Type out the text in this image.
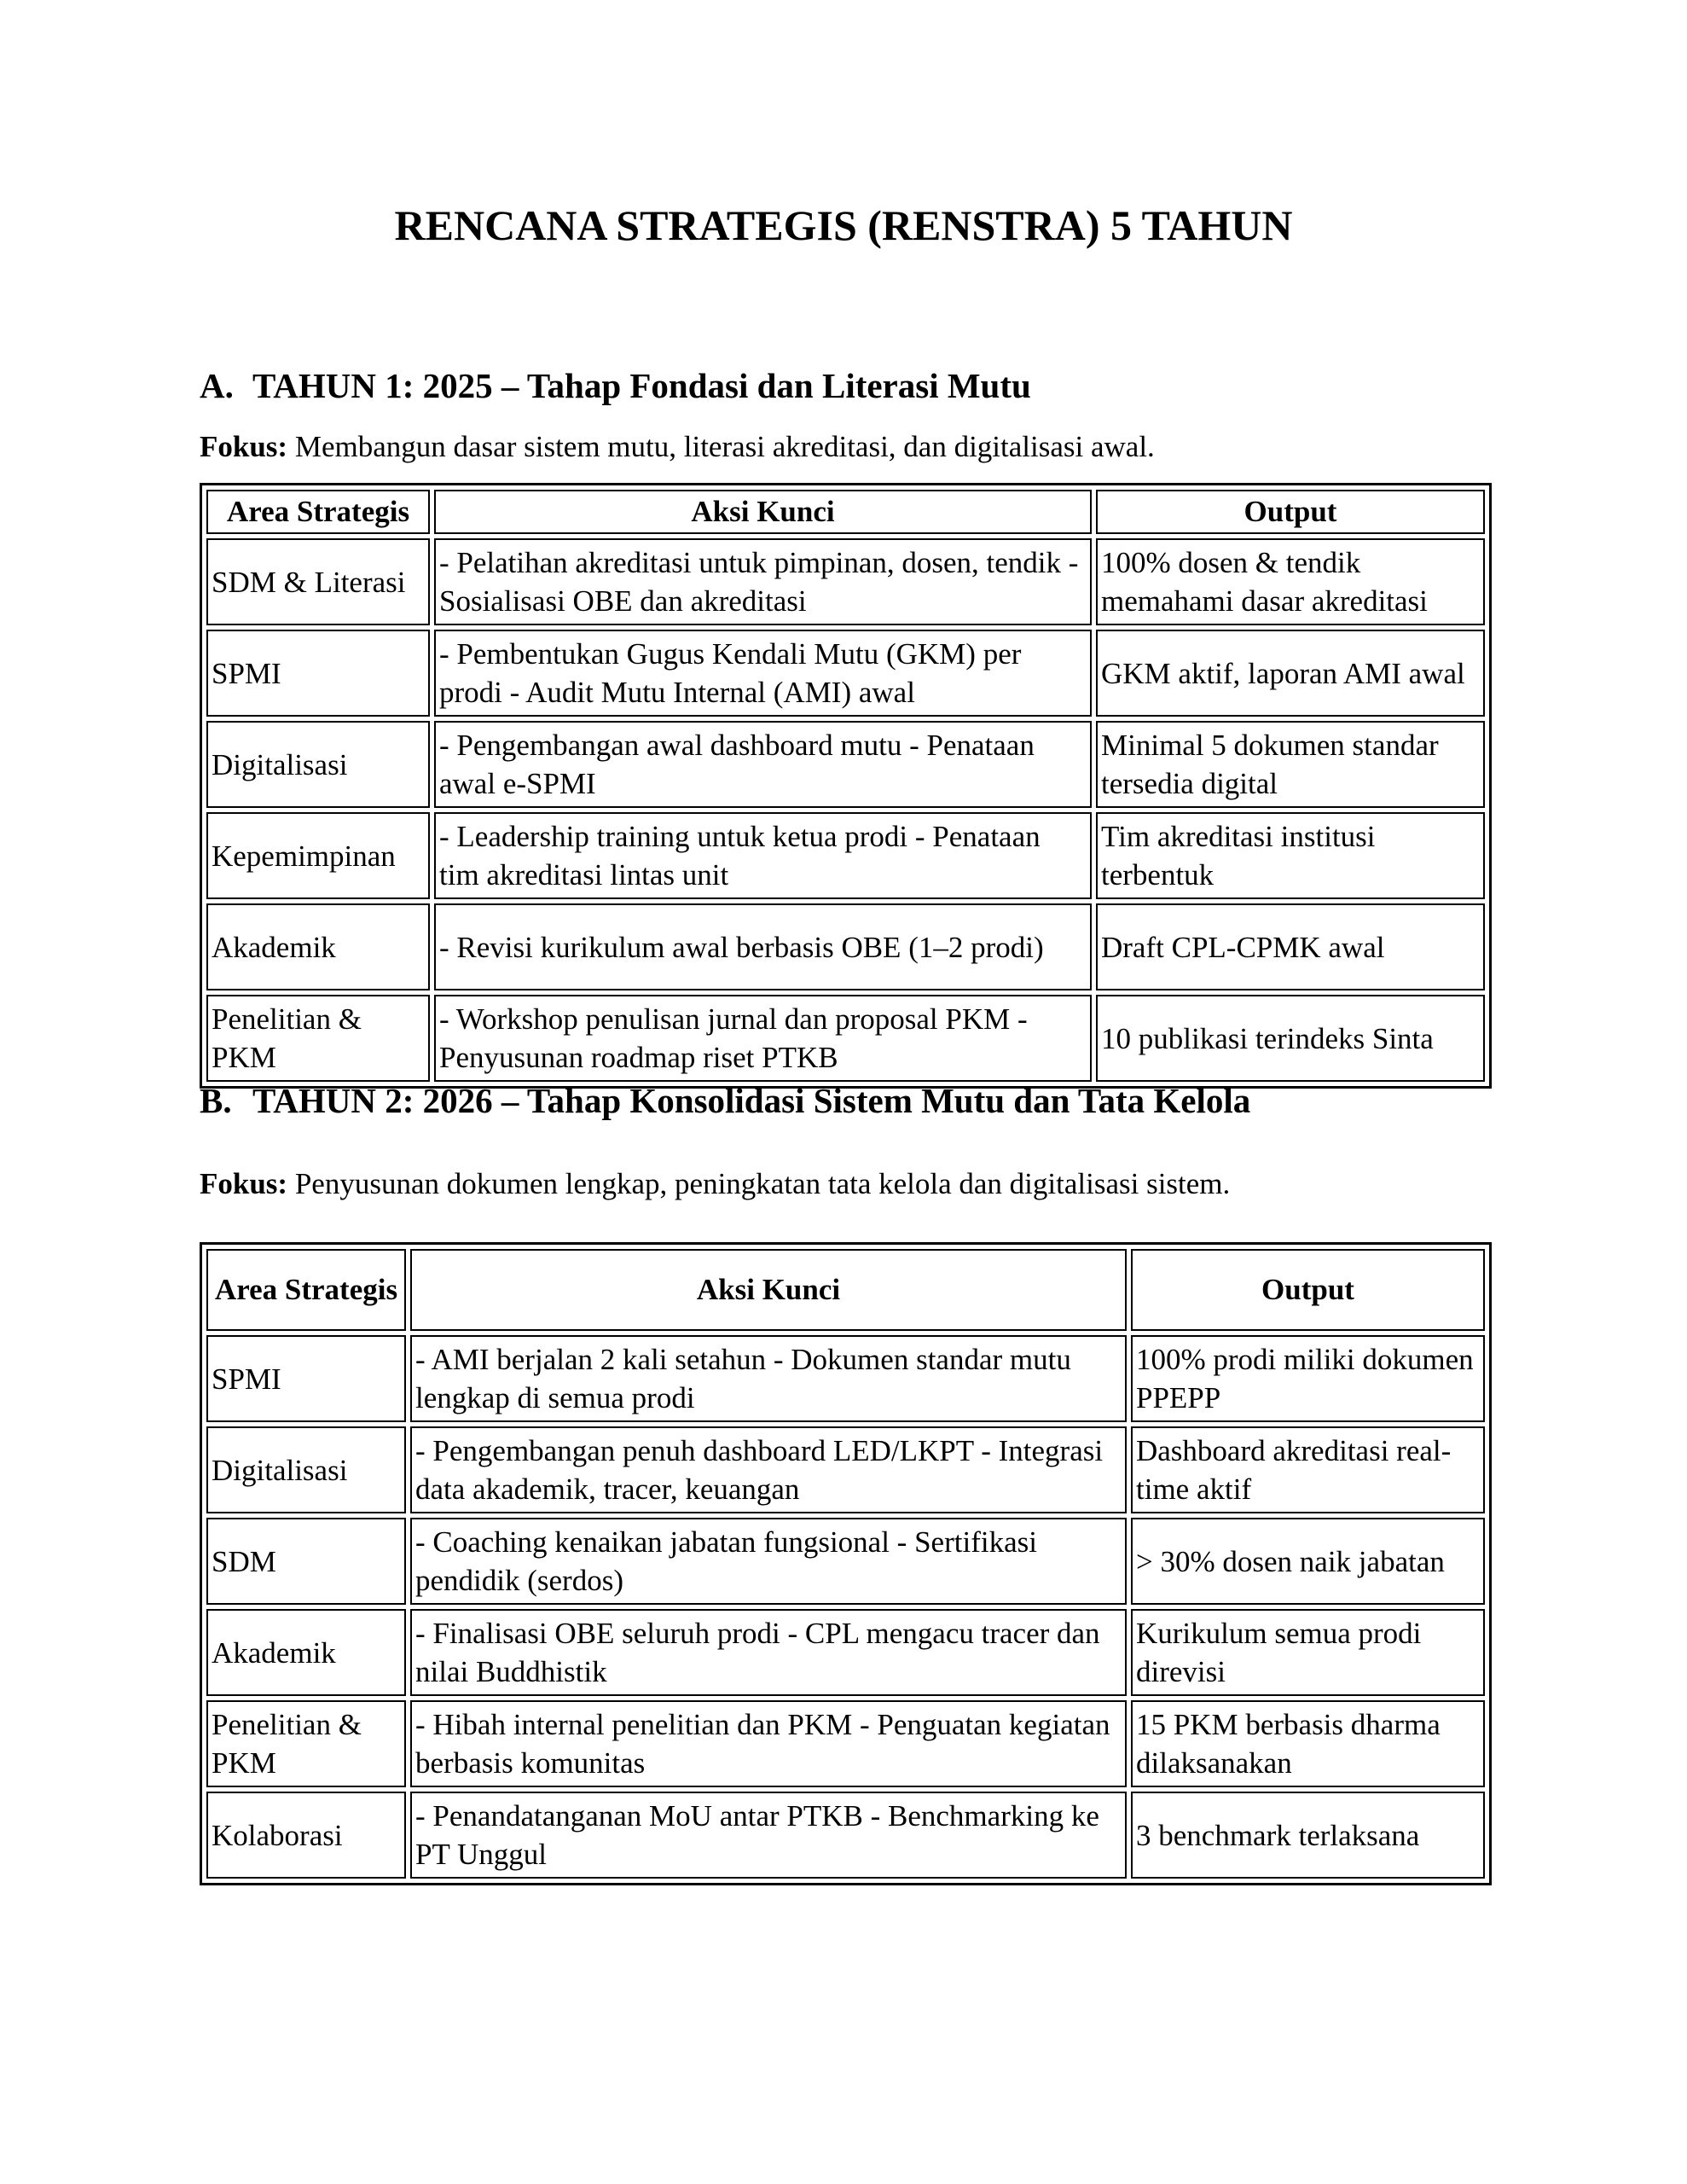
RENCANA STRATEGIS (RENSTRA) 5 TAHUN
A. TAHUN 1: 2025 – Tahap Fondasi dan Literasi Mutu

Fokus: Membangun dasar sistem mutu, literasi akreditasi, dan digitalisasi awal.

Area Strategis	Aksi Kunci	Output
SDM & Literasi	- Pelatihan akreditasi untuk pimpinan, dosen, tendik - Sosialisasi OBE dan akreditasi	100% dosen & tendik memahami dasar akreditasi
SPMI	- Pembentukan Gugus Kendali Mutu (GKM) per prodi - Audit Mutu Internal (AMI) awal	GKM aktif, laporan AMI awal
Digitalisasi	- Pengembangan awal dashboard mutu - Penataan awal e-SPMI	Minimal 5 dokumen standar tersedia digital
Kepemimpinan	- Leadership training untuk ketua prodi - Penataan tim akreditasi lintas unit	Tim akreditasi institusi terbentuk
Akademik	- Revisi kurikulum awal berbasis OBE (1–2 prodi)	Draft CPL-CPMK awal
Penelitian & PKM	- Workshop penulisan jurnal dan proposal PKM - Penyusunan roadmap riset PTKB	10 publikasi terindeks Sinta
B. TAHUN 2: 2026 – Tahap Konsolidasi Sistem Mutu dan Tata Kelola

Fokus: Penyusunan dokumen lengkap, peningkatan tata kelola dan digitalisasi sistem.

Area Strategis	Aksi Kunci	Output
SPMI	- AMI berjalan 2 kali setahun - Dokumen standar mutu lengkap di semua prodi	100% prodi miliki dokumen PPEPP
Digitalisasi	- Pengembangan penuh dashboard LED/LKPT - Integrasi data akademik, tracer, keuangan	Dashboard akreditasi real-time aktif
SDM	- Coaching kenaikan jabatan fungsional - Sertifikasi pendidik (serdos)	> 30% dosen naik jabatan
Akademik	- Finalisasi OBE seluruh prodi - CPL mengacu tracer dan nilai Buddhistik	Kurikulum semua prodi direvisi
Penelitian & PKM	- Hibah internal penelitian dan PKM - Penguatan kegiatan berbasis komunitas	15 PKM berbasis dharma dilaksanakan
Kolaborasi	- Penandatanganan MoU antar PTKB - Benchmarking ke PT Unggul	3 benchmark terlaksana
